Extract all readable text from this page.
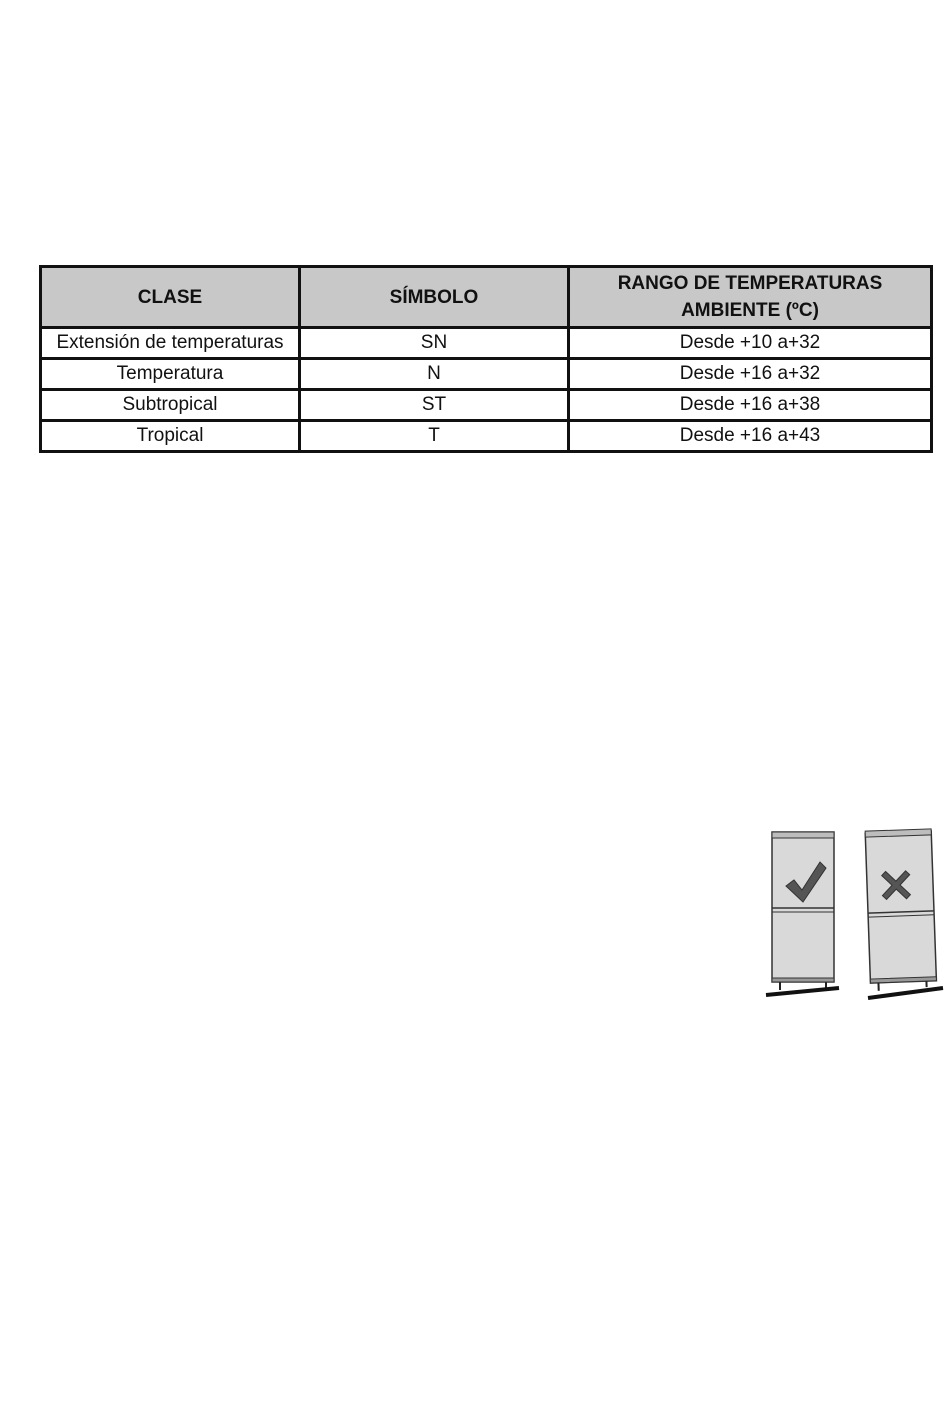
CLASE	SÍMBOLO	RANGO DE TEMPERATURAS
AMBIENTE (ºC)

Extensión de temperaturas	SN	Desde +10 a+32
Temperatura	N	Desde +16 a+32
Subtropical	ST	Desde +16 a+38
Tropical	T	Desde +16 a+43
